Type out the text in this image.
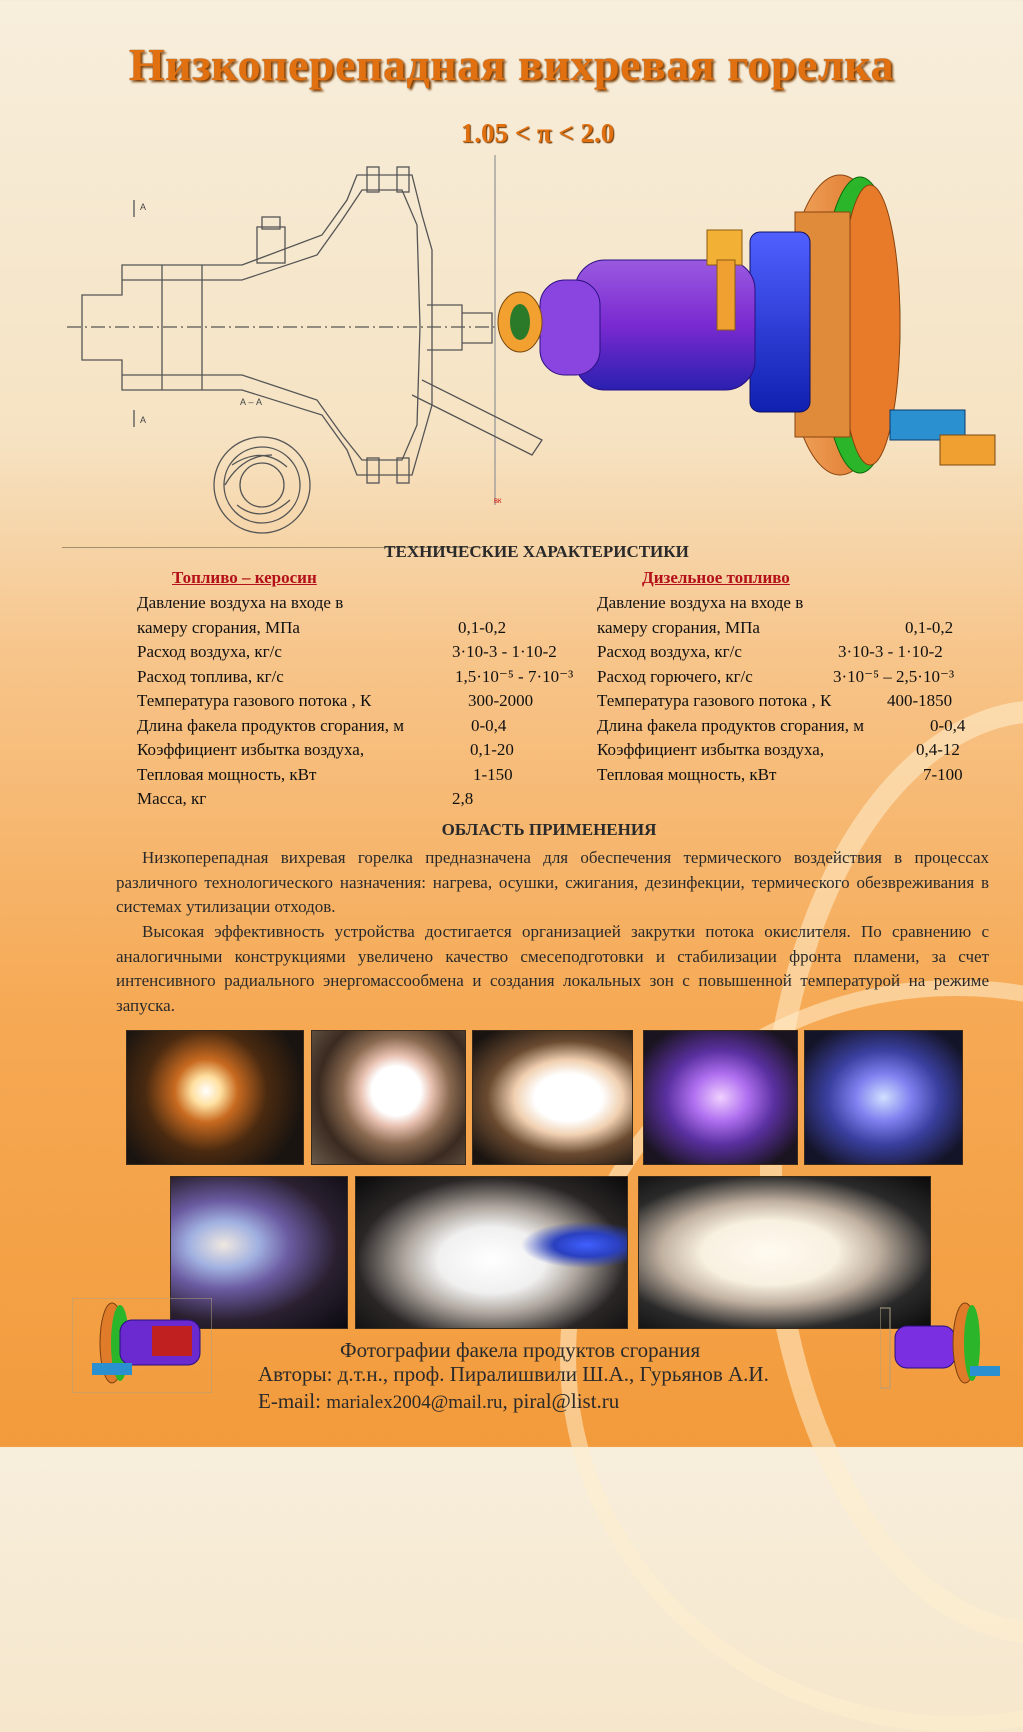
Низкоперепадная вихревая горелка
1.05 < π < 2.0
А
А
А – А
ВК
ТЕХНИЧЕСКИЕ ХАРАКТЕРИСТИКИ
Топливо – керосин	Дизельное топливо
Давление воздуха на входе в
камеру сгорания, МПа	0,1-0,2
Расход воздуха, кг/с	3·10-3 - 1·10-2
Расход топлива, кг/с	1,5·10⁻⁵ - 7·10⁻³
Температура газового потока , К	300-2000
Длина факела продуктов сгорания, м	0-0,4
Коэффициент избытка воздуха,	0,1-20
Тепловая мощность, кВт	1-150
Масса, кг	2,8
Давление воздуха на входе в
камеру сгорания, МПа	0,1-0,2
Расход воздуха, кг/с	3·10-3 - 1·10-2
Расход горючего, кг/с	3·10⁻⁵ – 2,5·10⁻³
Температура газового потока , К	400-1850
Длина факела продуктов сгорания, м	0-0,4
Коэффициент избытка воздуха,	0,4-12
Тепловая мощность, кВт	7-100
ОБЛАСТЬ ПРИМЕНЕНИЯ
Низкоперепадная вихревая горелка предназначена для обеспечения термического воздействия в процессах различного технологического назначения: нагрева, осушки, сжигания, дезинфекции, термического обезвреживания в системах утилизации отходов.
Высокая эффективность устройства достигается организацией закрутки потока окислителя. По сравнению с аналогичными конструкциями увеличено качество смесеподготовки и стабилизации фронта пламени, за счет интенсивного радиального энергомассообмена и создания локальных зон с повышенной температурой на режиме запуска.
Фотографии факела продуктов сгорания
Авторы: д.т.н., проф. Пиралишвили Ш.А., Гурьянов А.И.
E-mail: marialex2004@mail.ru, piral@list.ru
